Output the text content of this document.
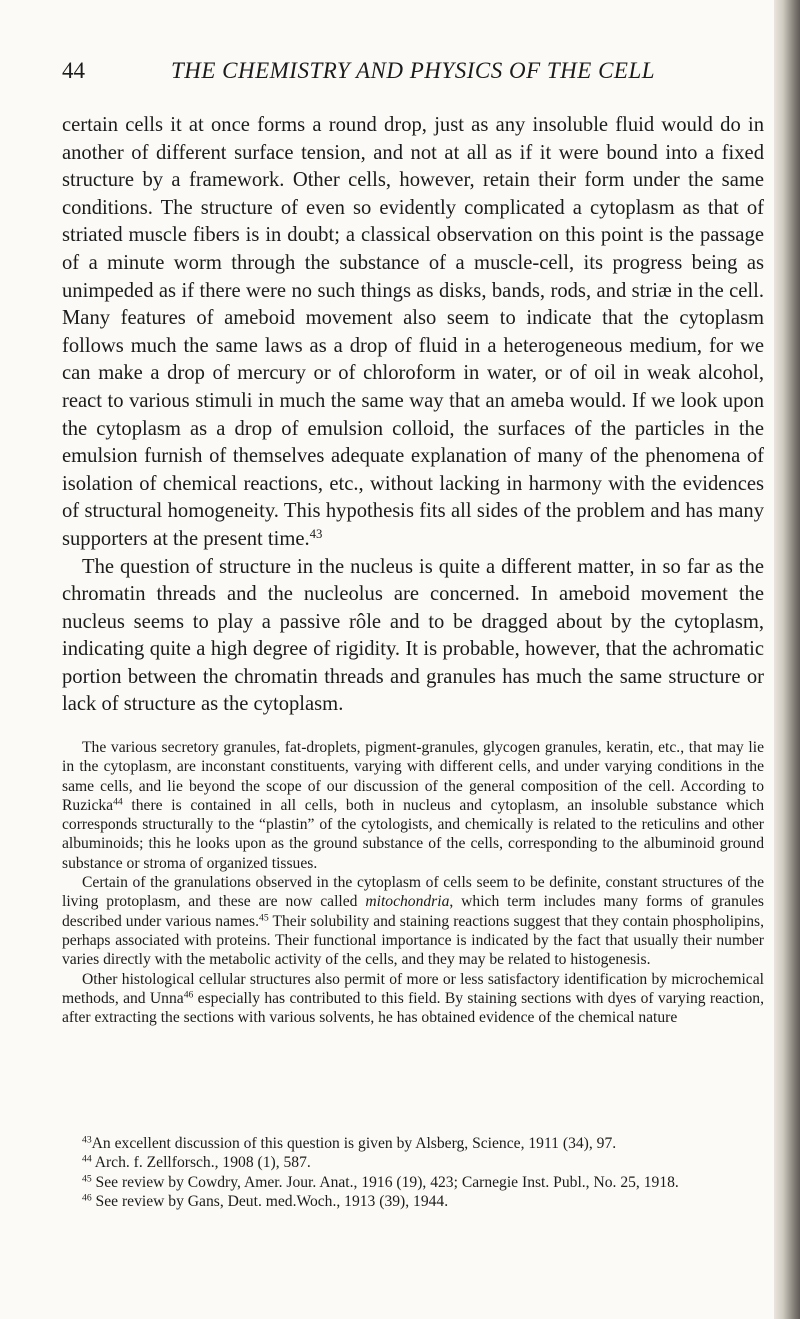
44	THE CHEMISTRY AND PHYSICS OF THE CELL

certain cells it at once forms a round drop, just as any insoluble fluid would do in another of different surface tension, and not at all as if it were bound into a fixed structure by a framework. Other cells, however, retain their form under the same conditions. The structure of even so evidently complicated a cytoplasm as that of striated muscle fibers is in doubt; a classical observation on this point is the passage of a minute worm through the substance of a muscle-cell, its progress being as unimpeded as if there were no such things as disks, bands, rods, and striæ in the cell. Many features of ameboid movement also seem to indicate that the cytoplasm follows much the same laws as a drop of fluid in a heterogeneous medium, for we can make a drop of mercury or of chloroform in water, or of oil in weak alcohol, react to various stimuli in much the same way that an ameba would. If we look upon the cytoplasm as a drop of emulsion colloid, the surfaces of the particles in the emulsion furnish of themselves adequate explanation of many of the phenomena of isolation of chemical reactions, etc., without lacking in harmony with the evidences of structural homogeneity. This hypothesis fits all sides of the problem and has many supporters at the present time.$^{43}$

The question of structure in the nucleus is quite a different matter, in so far as the chromatin threads and the nucleolus are concerned. In ameboid movement the nucleus seems to play a passive rôle and to be dragged about by the cytoplasm, indicating quite a high degree of rigidity. It is probable, however, that the achromatic portion between the chromatin threads and granules has much the same structure or lack of structure as the cytoplasm.

The various secretory granules, fat-droplets, pigment-granules, glycogen granules, keratin, etc., that may lie in the cytoplasm, are inconstant constituents, varying with different cells, and under varying conditions in the same cells, and lie beyond the scope of our discussion of the general composition of the cell. According to Ruzicka$^{44}$ there is contained in all cells, both in nucleus and cytoplasm, an insoluble substance which corresponds structurally to the “plastin” of the cytologists, and chemically is related to the reticulins and other albuminoids; this he looks upon as the ground substance of the cells, corresponding to the albuminoid ground substance or stroma of organized tissues.

Certain of the granulations observed in the cytoplasm of cells seem to be definite, constant structures of the living protoplasm, and these are now called mitochondria, which term includes many forms of granules described under various names.$^{45}$ Their solubility and staining reactions suggest that they contain phospholipins, perhaps associated with proteins. Their functional importance is indicated by the fact that usually their number varies directly with the metabolic activity of the cells, and they may be related to histogenesis.

Other histological cellular structures also permit of more or less satisfactory identification by microchemical methods, and Unna$^{46}$ especially has contributed to this field. By staining sections with dyes of varying reaction, after extracting the sections with various solvents, he has obtained evidence of the chemical nature

$^{43}$An excellent discussion of this question is given by Alsberg, Science, 1911 (34), 97.

$^{44}$ Arch. f. Zellforsch., 1908 (1), 587.

$^{45}$ See review by Cowdry, Amer. Jour. Anat., 1916 (19), 423; Carnegie Inst. Publ., No. 25, 1918.

$^{46}$ See review by Gans, Deut. med.Woch., 1913 (39), 1944.
